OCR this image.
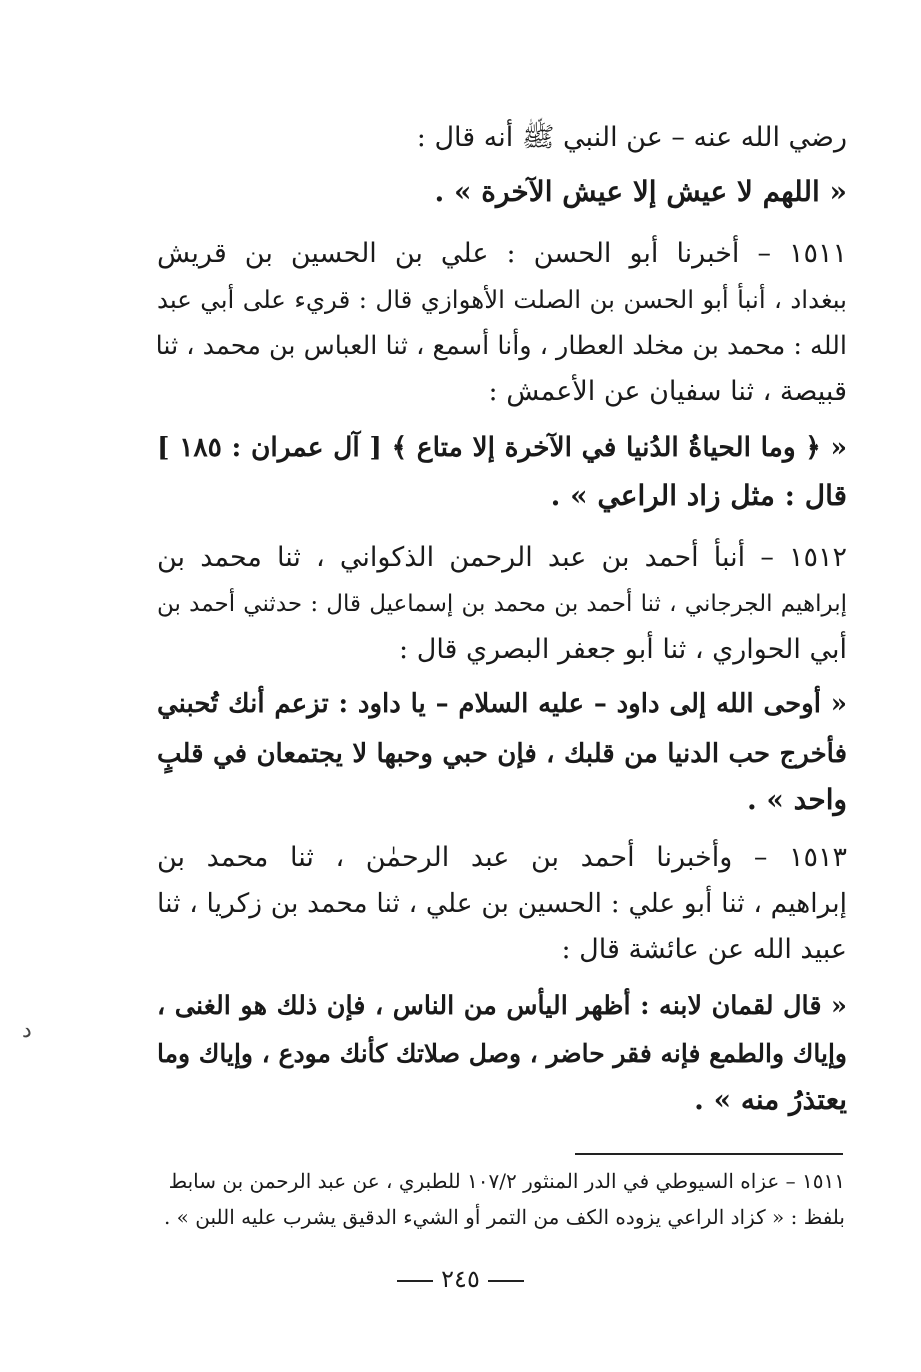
رضي الله عنه – عن النبي ﷺ أنه قال :
« اللهم لا عيش إلا عيش الآخرة » .
١٥١١ – أخبرنا أبو الحسن : علي بن الحسين بن قريش
ببغداد ، أنبأ أبو الحسن بن الصلت الأهوازي قال : قريء على أبي عبد
الله : محمد بن مخلد العطار ، وأنا أسمع ، ثنا العباس بن محمد ، ثنا
قبيصة ، ثنا سفيان عن الأعمش :
« ﴿ وما الحياةُ الدُنيا في الآخرة إلا متاع ﴾ [ آل عمران : ١٨٥ ]
قال : مثل زاد الراعي » .
١٥١٢ – أنبأ أحمد بن عبد الرحمن الذكواني ، ثنا محمد بن
إبراهيم الجرجاني ، ثنا أحمد بن محمد بن إسماعيل قال : حدثني أحمد بن
أبي الحواري ، ثنا أبو جعفر البصري قال :
« أوحى الله إلى داود – عليه السلام – يا داود : تزعم أنك تُحبني
فأخرج حب الدنيا من قلبك ، فإن حبي وحبها لا يجتمعان في قلبٍ
واحد » .
١٥١٣ – وأخبرنا أحمد بن عبد الرحمٰن ، ثنا محمد بن
إبراهيم ، ثنا أبو علي : الحسين بن علي ، ثنا محمد بن زكريا ، ثنا
عبيد الله عن عائشة قال :
« قال لقمان لابنه : أظهر اليأس من الناس ، فإن ذلك هو الغنى ،
وإياك والطمع فإنه فقر حاضر ، وصل صلاتك كأنك مودع ، وإياك وما
يعتذرُ منه » .
١٥١١ – عزاه السيوطي في الدر المنثور ١٠٧/٢ للطبري ، عن عبد الرحمن بن سابط
بلفظ : « كزاد الراعي يزوده الكف من التمر أو الشيء الدقيق يشرب عليه اللبن » .
٢٤٥
ﺩ
